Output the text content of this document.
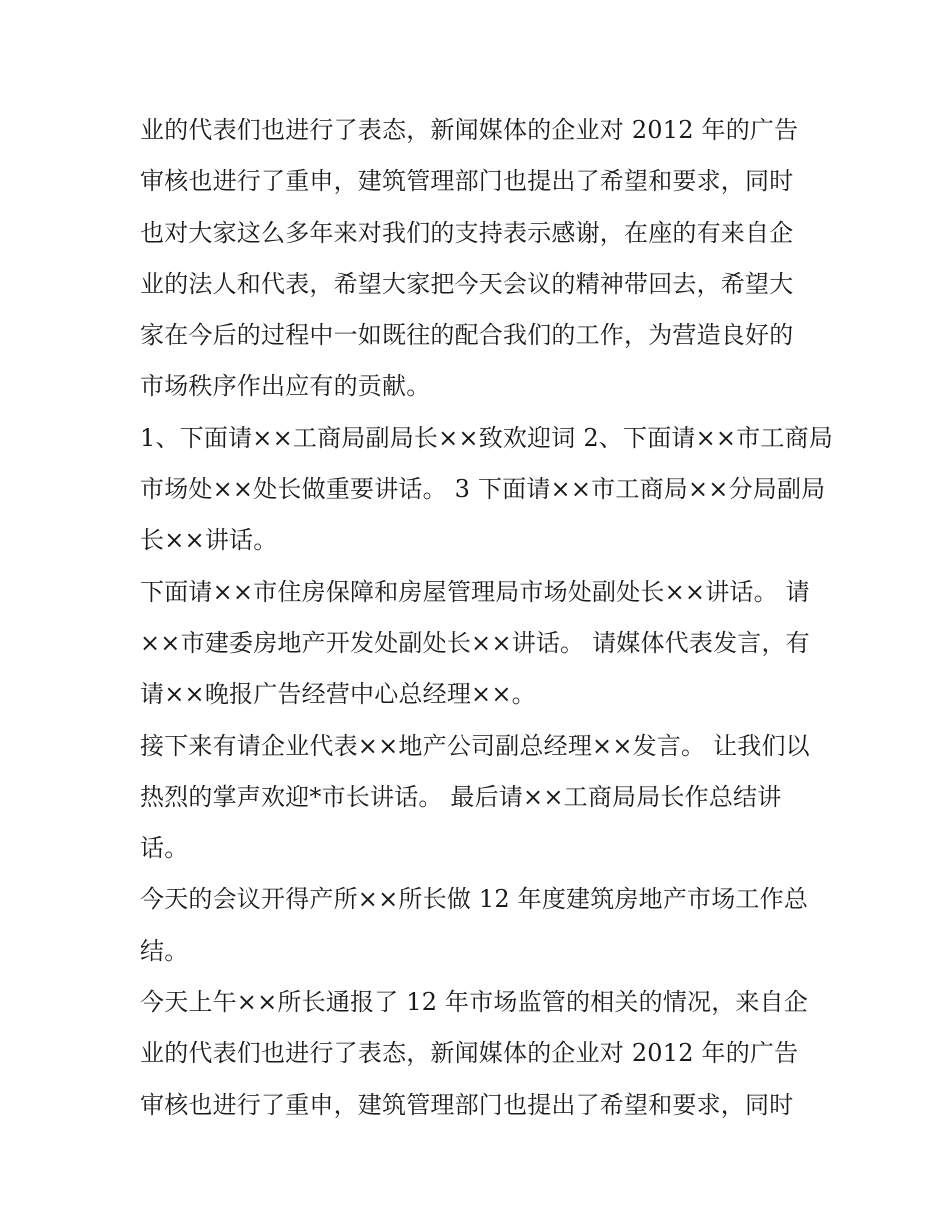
业的代表们也进行了表态，新闻媒体的企业对 2012 年的广告
审核也进行了重申，建筑管理部门也提出了希望和要求，同时
也对大家这么多年来对我们的支持表示感谢，在座的有来自企
业的法人和代表，希望大家把今天会议的精神带回去，希望大
家在今后的过程中一如既往的配合我们的工作，为营造良好的
市场秩序作出应有的贡献。
1、下面请××工商局副局长××致欢迎词 2、下面请××市工商局
市场处××处长做重要讲话。 3 下面请××市工商局××分局副局
长××讲话。
下面请××市住房保障和房屋管理局市场处副处长××讲话。 请
××市建委房地产开发处副处长××讲话。 请媒体代表发言，有
请××晚报广告经营中心总经理××。
接下来有请企业代表××地产公司副总经理××发言。 让我们以
热烈的掌声欢迎*市长讲话。 最后请××工商局局长作总结讲
话。
今天的会议开得产所××所长做 12 年度建筑房地产市场工作总
结。
今天上午××所长通报了 12 年市场监管的相关的情况，来自企
业的代表们也进行了表态，新闻媒体的企业对 2012 年的广告
审核也进行了重申，建筑管理部门也提出了希望和要求，同时
